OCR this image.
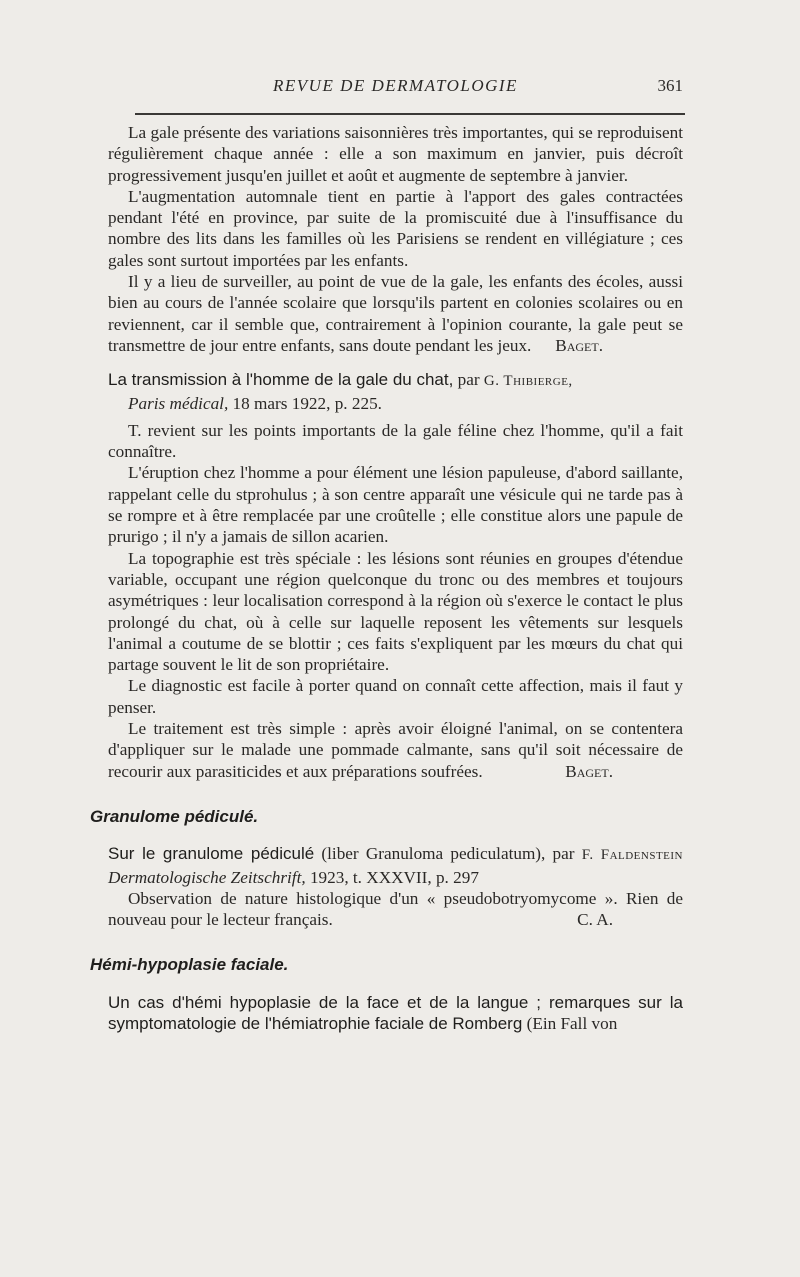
REVUE DE DERMATOLOGIE	361

La gale présente des variations saisonnières très importantes, qui se reproduisent régulièrement chaque année : elle a son maximum en janvier, puis décroît progressivement jusqu'en juillet et août et augmente de septembre à janvier.

L'augmentation automnale tient en partie à l'apport des gales contractées pendant l'été en province, par suite de la promiscuité due à l'insuffisance du nombre des lits dans les familles où les Parisiens se rendent en villégiature ; ces gales sont surtout importées par les enfants.

Il y a lieu de surveiller, au point de vue de la gale, les enfants des écoles, aussi bien au cours de l'année scolaire que lorsqu'ils partent en colonies scolaires ou en reviennent, car il semble que, contrairement à l'opinion courante, la gale peut se transmettre de jour entre enfants, sans doute pendant les jeux.	Baget.

La transmission à l'homme de la gale du chat, par G. Thibierge,

Paris médical, 18 mars 1922, p. 225.

T. revient sur les points importants de la gale féline chez l'homme, qu'il a fait connaître.

L'éruption chez l'homme a pour élément une lésion papuleuse, d'abord saillante, rappelant celle du stprohulus ; à son centre apparaît une vésicule qui ne tarde pas à se rompre et à être remplacée par une croûtelle ; elle constitue alors une papule de prurigo ; il n'y a jamais de sillon acarien.

La topographie est très spéciale : les lésions sont réunies en groupes d'étendue variable, occupant une région quelconque du tronc ou des membres et toujours asymétriques : leur localisation correspond à la région où s'exerce le contact le plus prolongé du chat, où à celle sur laquelle reposent les vêtements sur lesquels l'animal a coutume de se blottir ; ces faits s'expliquent par les mœurs du chat qui partage souvent le lit de son propriétaire.

Le diagnostic est facile à porter quand on connaît cette affection, mais il faut y penser.

Le traitement est très simple : après avoir éloigné l'animal, on se contentera d'appliquer sur le malade une pommade calmante, sans qu'il soit nécessaire de recourir aux parasiticides et aux préparations soufrées.	Baget.

Granulome pédiculé.

Sur le granulome pédiculé (liber Granuloma pediculatum), par F. Faldenstein Dermatologische Zeitschrift, 1923, t. XXXVII, p. 297

Observation de nature histologique d'un « pseudobotryomycome ». Rien de nouveau pour le lecteur français.	C. A.

Hémi-hypoplasie faciale.

Un cas d'hémi hypoplasie de la face et de la langue ; remarques sur la symptomatologie de l'hémiatrophie faciale de Romberg (Ein Fall von
